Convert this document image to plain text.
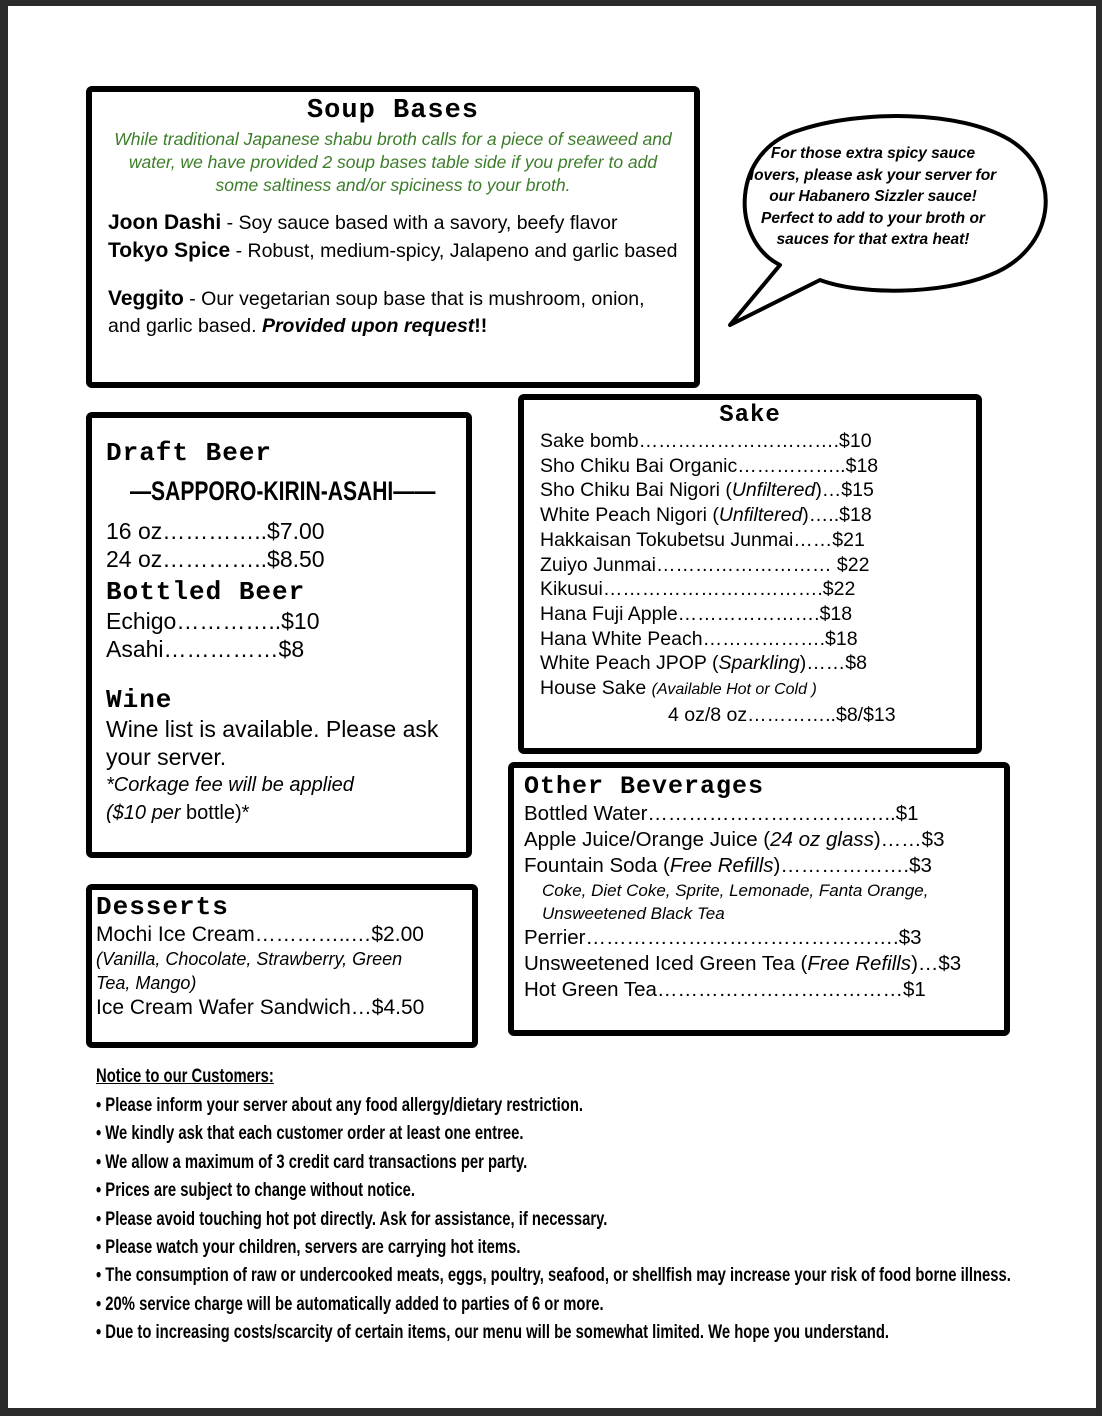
Soup Bases
While traditional Japanese shabu broth calls for a piece of seaweed and water, we have provided 2 soup bases table side if you prefer to add some saltiness and/or spiciness to your broth.
Joon Dashi - Soy sauce based with a savory, beefy flavor
Tokyo Spice - Robust, medium-spicy, Jalapeno and garlic based
Veggito - Our vegetarian soup base that is mushroom, onion, and garlic based. Provided upon request!!
For those extra spicy sauce lovers, please ask your server for our Habanero Sizzler sauce! Perfect to add to your broth or sauces for that extra heat!
Draft Beer
—SAPPORO-KIRIN-ASAHI——
16 oz…………..$7.00
24 oz…………..$8.50
Bottled Beer
Echigo…………..$10
Asahi……………$8
Wine
Wine list is available. Please ask your server.
*Corkage fee will be applied
($10 per bottle)*
Desserts
Mochi Ice Cream…………..…$2.00
(Vanilla, Chocolate, Strawberry, Green Tea, Mango)
Ice Cream Wafer Sandwich…$4.50
Sake
Sake bomb………………………….$10
Sho Chiku Bai Organic……………..$18
Sho Chiku Bai Nigori (Unfiltered)…$15
White Peach Nigori (Unfiltered)…..$18
Hakkaisan Tokubetsu Junmai……$21
Zuiyo Junmai……………………… $22
Kikusui…………………………….$22
Hana Fuji Apple………………….$18
Hana White Peach……………….$18
White Peach JPOP (Sparkling)……$8
House Sake (Available Hot or Cold )
4 oz/8 oz…………..$8/$13
Other Beverages
Bottled Water…………………………..…..$1
Apple Juice/Orange Juice (24 oz glass)……$3
Fountain Soda (Free Refills)……………….$3
Coke, Diet Coke, Sprite, Lemonade, Fanta Orange, Unsweetened Black Tea
Perrier……………………………………….$3
Unsweetened Iced Green Tea (Free Refills)…$3
Hot Green Tea………………………………$1
Notice to our Customers:
• Please inform your server about any food allergy/dietary restriction.
• We kindly ask that each customer order at least one entree.
• We allow a maximum of 3 credit card transactions per party.
• Prices are subject to change without notice.
• Please avoid touching hot pot directly. Ask for assistance, if necessary.
• Please watch your children, servers are carrying hot items.
• The consumption of raw or undercooked meats, eggs, poultry, seafood, or shellfish may increase your risk of food borne illness.
• 20% service charge will be automatically added to parties of 6 or more.
• Due to increasing costs/scarcity of certain items, our menu will be somewhat limited. We hope you understand.
